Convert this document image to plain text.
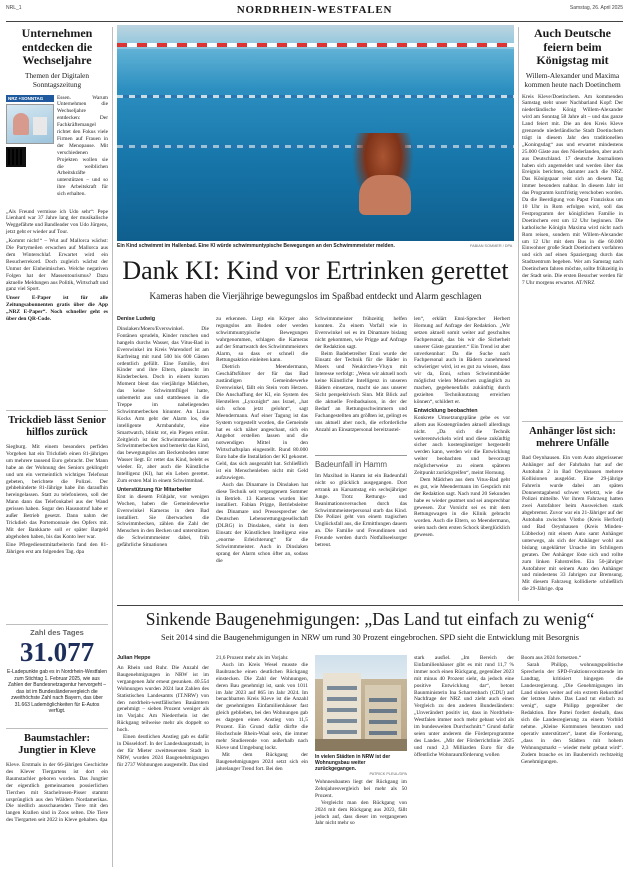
NRL_1	NORDRHEIN-WESTFALEN	Samstag, 26. April 2025
Unternehmen entdecken die Wechseljahre
Themen der Digitalen Sonntagszeitung
NRZ +SONNTAG	Essen. Warum Unternehmen die Wechseljahre entdecken: Der Fachkräftemangel richtet den Fokus viele Firmen auf Frauen in der Menopause. Mit verschiedenen Projekten wollen sie die weiblichen Arbeitskräfte unterstützen – und so ihre Arbeitskraft für sich erhalten.

„Als Freund vermisse ich Udo sehr“: Pepe Lienhard war 37 Jahre lang der musikalische Weggefährte und Bandleader von Udo Jürgens, jetzt geht er wieder auf Tour.

„Kommt nicht!“ – Wut auf Mallorca wächst: Die Partymeilen erwachen auf Mallorca aus dem Winterschlaf. Erwartet wird ein Besucherrekord. Doch zugleich wächst der Unmut der Einheimischen. Welche negativen Folgen hat der Massentourismus? Dazu aktuelle Meldungen aus Politik, Wirtschaft und ganz viel Sport.

Unser E-Paper ist für alle Zeitungsabonnenten gratis über die App „NRZ E-Paper“. Noch schneller geht es über den QR-Code.

Trickdieb lässt Senior hilflos zurück

Siegburg. Mit einem besonders perfiden Vorgehen hat ein Trickdieb einen 81-jährigen um mehrere tausend Euro gebracht. Der Mann habe an der Wohnung des Seniors geklingelt und um ein vermeintlich wichtiges Telefonat gebeten, berichtete die Polizei. Der gehbehinderte 81-Jährige habe ihn daraufhin hereingelassen. Statt zu telefonieren, soll der Mann dann das Telefonkabel aus der Wand gerissen haben. Sogar den Hausnotruf habe er außer Betrieb gesetzt. Dann nahm der Trickdieb das Portemonnaie des Opfers mit. Mit der Bankkarte soll er später Bargeld abgehoben haben, bis das Konto leer war.

Eine Pflegedienstmitarbeiterin fand den 81-Jährigen erst am folgenden Tag. dpa

Zahl des Tages
31.077

E-Ladepunkte gab es in Nordrhein-Westfalen zum Stichtag 1. Februar 2025, wie aus Zahlen der Bundesnetzagentur hervorgeht – das ist im Bundesländervergleich die zweithöchste Zahl nach Bayern, das über 31.663 Lademöglichkeiten für E-Autos verfügt.

Baumstachler: Jungtier in Kleve

Kleve. Erstmals in der 66-jährigen Geschichte des Klever Tiergartens ist dort ein Baumstachler geboren worden. Das Jungtier der eigentlich gemeinsamen possierlichen Tierchen mit Stachelrosen-Pisser stammt ursprünglich aus den Wäldern Nordamerikas. Die niedlich ausschauenden Tiere mit den langen Krallen sind in Zoos selten. Die Tiere des Tiergarten seit 2022 in Kleve gehalten. dpa

Ein Kind schwimmt im Hallenbad. Eine KI würde schwimmuntypische Bewegungen an den Schwimmmeister melden.	FABIAN SOMMER / DPA
Dank KI: Kind vor Ertrinken gerettet
Kameras haben die Vierjährige bewegungslos im Spaßbad entdeckt und Alarm geschlagen

Denise Ludwig

Dinslaken/Moers/Everswinkel. Die Fontänen sprudeln, Kinder rutschen und hangeln durchs Wasser, das Vitus-Bad in Everswinkel im Kreis Warendorf ist am Karfreitag mit rund 500 bis 600 Gästen ordentlich gefüllt. Eine Familie, drei Kinder und ihre Eltern, planscht im Kinderbecken. Doch in einem kurzen Moment bleut das vierjährige Mädchen, das keine Schwimmflügel hatte, unbemerkt aus und stattdessen in die Treppe im naheliegenden Schwimmerbecken hinunter. An Linus Kocks Arm geht der Alarm los, die intelligente Armbanduhr, eine Smartwatch, blinkt rot, ein Piepen ertönt. Zeitgleich ist der Schwimmmeister am Schwimmerbecken und bemerkt das Kind, das bewegungslos am Beckenboden unter Wasser liegt. Er rettet das Kind, belebt es wieder. Er, aber auch die Künstliche Intelligenz (KI), hat ein Leben gerettet. Zum ersten Mal in einem Schwimmbad.

Unterstützung für Mitarbeiter

Erst in diesem Frühjahr, vor wenigen Wochen, haben die Gemeindewerke Everswinkel Kameras in dem Bad installiert. Sie überwachen die Schwimmbecken, zählen die Zahl der Menschen in den Becken und unterstützen die Schwimmmeister dabei, früh gefährliche Situationen

zu erkennen. Liegt ein Körper also regungslos am Boden oder werden schwimmuntypische Bewegungen wahrgenommen, schlagen die Kameras auf der Smartwatch des Schwimmmeisters Alarm, so dass er schnell die Rettungsaktion einleiten kann.

Dietrich Meendermann, Geschäftsführer der für das Bad zuständigen Gemeindewerke Everswinkel, fällt ein Stein vom Herzen. Die Anschaffung der KI, ein System des Herstellers „Lynxnight“ aus Israel, „hat sich schon jetzt gelohnt“, sagt Meendermann. Auf einer Tagung ist das System vorgestellt worden, die Gemeinde hat es sich näher angeschaut, sich ein Angebot erstellen lassen und die notwendigen Mittel in den Wirtschaftsplan eingestellt. Rund 80.000 Euro habe die Installation der KI gekostet. Geld, das sich ausgezahlt hat. Schließlich ist ein Menschenleben nicht mit Geld aufzuwiegen.

Auch das Dinamare in Dinslaken hat diese Technik seit vergangenem Sommer in Betrieb. 13 Kameras wurden hier installiert. Fabian Prigge, Betriebsleiter des Dinamare und Pressesprecher der Deutschen Lebensrettungsgesellschaft (DLRG) in Dinslaken, sieht in dem Einsatz der Künstlichen Intelligenz eine „enorme Erleichterung“ für die Schwimmmeister. Auch in Dinslaken sprang der Alarm schon öfter an, sodass die

Schwimmmeister frühzeitig helfen konnten. Zu einem Vorfall wie in Everswinkel sei es im Dinamare bislang nicht gekommen, wie Prigge auf Anfrage der Redaktion sagt.

Beim Badebetreiber Enni wurde der Einsatz der Technik für die Bäder in Moers und Neukirchen-Vluyn mit Interesse verfolgt: „Wenn wir aktuell noch keine Künstliche Intelligenz in unseren Bädern einsetzen, macht sie aus unserer Sicht perspektivisch Sinn. Mit Blick auf die aktuelle Freibadsaison, in der der Bedarf an Rettungsschwimmern und Fachangestellten am größten ist, gelingt es uns aktuell aber noch, die erforderliche Anzahl an Einsatzpersonal bereitzustel-

Badeunfall in Hamm

Im Maxibad in Hamm ist ein Badeunfall nicht so glücklich ausgegangen. Dort ertrank an Karsamstag ein sechsjähriger Junge. Trotz Rettungs- und Reanimationsversuchen durch das Schwimmmeisterpersonal starb das Kind. Die Polizei geht von einem tragischen Unglücksfall aus, die Ermittlungen dauern an. Die Familie und Freundinnen und Freunde werden durch Notfallseelsorger betreut.

len“, erklärt Enni-Sprecher Herbert Hornung auf Anfrage der Redaktion. „Wir setzen aktuell somit weiter auf geschultes Fachpersonal, das bis wir die Sicherheit unserer Gäste garantiert.“ Ein Trend ist aber unverkennbar: Da die Suche nach Fachpersonal auch in Bädern zunehmend schwieriger wird, ist es gut zu wissen, dass wir da, Enni, schon Schwimmbäder möglichst vielen Menschen zugänglich zu machen, gegebenenfalls zukünftig durch gezielten Techniknutzung erreichen können“, schildert er.

Entwicklung beobachten

Konkrete Umsetzungspläne gebe es vor allem aus Kostengründen aktuell allerdings nicht. „Da sich die Technik weiterentwickeln wird und diese zukünftig sicher auch kostengünstiger hergestellt werden kann, werden wir die Entwicklung weiter beobachten und bevorzugt möglicherweise zu einem späteren Zeitpunkt zurückgreifen“, meint Hornung.

Dem Mädchen aus dem Vitus-Bad geht es gut, wie Meendermann im Gespräch mit der Redaktion sagt. Nach rund 20 Sekunden habe es wieder geatmet und sei ansprechbar gewesen. Zur Vorsicht sei es mit dem Rettungswagen in die Klinik gebracht worden. Auch die Eltern, so Meendermann, seien nach dem ersten Schock überglücklich gewesen.

Auch Deutsche feiern beim Königstag mit
Willem-Alexander und Maxima kommen heute nach Doetinchem

Kreis Kleve/Doetinchem. Am kommenden Samstag steht unser Nachbarland Kopf: Der niederländische König Willem-Alexander wird am Sonntag 58 Jahre alt – und das ganze Land feiert mit. Die an den Kreis Kleve grenzende niederländische Stadt Doetinchem trägt in diesem Jahr den traditionellen „Koningsdag“ aus und erwartet mindestens 25.000 Gäste aus den Niederlanden, aber auch aus Deutschland. 17 deutsche Journalisten haben sich angemeldet und werden über das Ereignis berichten, darunter auch die NRZ. Das Königspaar reist sich an diesem Tag immer besonders nahbar. In diesem Jahr ist das Programm kurzfristig verschoben worden. Da die Beerdigung von Papst Franziskus um 10 Uhr in Rom erfolgen wird, soll das Festprogramm der königlichen Familie in Doetinchem erst um 12 Uhr beginnen. Die katholische Königin Maxima wird nicht nach Rom reisen, sondern mit Willem-Alexander um 12 Uhr mit dem Bus in die 60.000 Einwohner große Stadt Doetinchem vorfahren und sich auf einen Spaziergang durch das Stadtzentrum begeben. Wer am Samstag nach Doetinchem fahren möchte, sollte frühzeitig in der Stadt sein. Die ersten Besucher werden für 7 Uhr morgens erwartet. AT/NRZ

Anhänger löst sich: mehrere Unfälle

Bad Oeynhausen. Ein vom Auto abgerissener Anhänger auf der Fahrbahn hat auf der Autobahn 2 in Bad Oeynhausen mehrere Kollisionen ausgelöst. Eine 29-jährige Fahrerin wurde dabei am späten Donnerstagabend schwer verletzt, wie die Polizei mitteilte. Vor ihrem Fahrzeug hatten zwei Autofahrer beim Ausweichen stark abgebremst. Zuvor war ein 21-Jähriger auf der Autobahn zwischen Vlotho (Kreis Herford) und Bad Oeynhausen (Kreis Minden-Lübbecke) mit einem Auto samt Anhänger unterwegs, als sich der Anhänger wohl aus bislang ungeklärter Ursache im Schlingern geraten. Der Anhänger löste sich und rollte zum linken Fahrstreifen. Ein 50-jähriger Autofahrer mit seinem Auto den Anhänger und mindestens 33 Jahrigen zur Bremsung. Mit diesem Fahrzeug kollidierte schließlich die 29-Jährige. dpa

Sinkende Baugenehmigungen: „Das Land tut einfach zu wenig“
Seit 2014 sind die Baugenehmigungen in NRW um rund 30 Prozent eingebrochen. SPD sieht die Entwicklung mit Besorgnis

Julian Heppe

An Rhein und Ruhr. Die Anzahl der Baugenehmigungen in NRW ist im vergangenen Jahr erneut gesunken. 40.554 Wohnungen wurden 2024 laut Zahlen des Statistischen Landesamts (IT.NRW) von den nordrhein-westfälischen Bauämtern genehmigt – sieben Prozent weniger als im Vorjahr. Am Niederrhein ist der Rückgang teilweise mehr als doppelt so hoch.

Einen deutlichen Anstieg gab es dafür in Düsseldorf. In der Landeshauptstadt, in der für Mieter zweitteuersten Stadt in NRW, wurden 2024 Baugenehmigungen für 2737 Wohnungen ausgestellt. Das sind

21,6 Prozent mehr als im Vorjahr.

Auch im Kreis Wesel musste die Baubranche einen deutlichen Rückgang einstecken. Die Zahl der Wohnungen, deren Bau genehmigt ist, sank von 1011 im Jahr 2023 auf 865 im Jahr 2024. Im benachbarten Kreis Kleve ist die Anzahl der genehmigten Einfamilienhäuser fast gleich geblieben, bei den Wohnungen gab es dagegen einen Anstieg von 11,5 Prozent. Ein Grund dafür dürfte die Hochschule Rhein-Waal sein, die immer mehr Studierende von außerhalb nach Kleve und Umgebung lockt.

Mit dem Rückgang der Baugenehmigungen 2024 setzt sich ein jahrelanger Trend fort. Bei den

In vielen Städten in NRW ist der Wohnungsbau weiter zurückgegangen.
PATRICK PLEUL/DPA

Wohnneubauten liegt der Rückgang im Zehnjahresvergleich bei mehr als 50 Prozent.

Vergleicht man den Rückgang von 2024 mit dem Rückgang aus 2023, fällt jedoch auf, dass dieser im vergangenen Jahr nicht mehr so

stark ausfiel. „Im Bereich der Einfamilienhäuser gibt es mit rund 11,7 % immer noch einen Rückgang, gegenüber 2023 mit minus 40 Prozent sieht, da jedoch eine positive Entwicklung dar“, betont Baunministerin Ina Scharrenbach (CDU) auf Nachfrage der NRZ und zieht auch einen Vergleich zu den anderen Bundesländern: „Unverändert positiv ist, dass in Nordrhein-Westfalen immer noch mehr gebaut wird als im bundesweiten Durchschnitt.“ Grund dafür seien unter anderem die Förderprogramme des Landes. „Mit der Förderrichtlinie 2025 und rund 2,3 Milliarden Euro für die öffentliche Wohnraumförderung wollen

Boom aus 2024 fortsetzen.“

Sarah Philipp, wohnungspolitische Sprecherin der SPD-Fraktionsvorsitzende im Landtag, kritisiert hingegen die Landesregierung. „Die Genehmigungen im Land sinken weiter auf ein extrem Rekordtief der letzten Jahre. Das Land tut einfach zu wenig“, sagte Philipp gegenüber der Redaktion. Ihre Partei fordert deshalb, dass sich die Landesregierung zu einem Vorbild nehme. „Kleine Kommunen benutzen und operativ unterstützen“, lautet die Forderung, „dass in den Städten mit hohem Wohnungsmarkt – wieder mehr gebaut wird“. Zudem brauche es im Baubereich rechtzeitig Genehmigungen.
